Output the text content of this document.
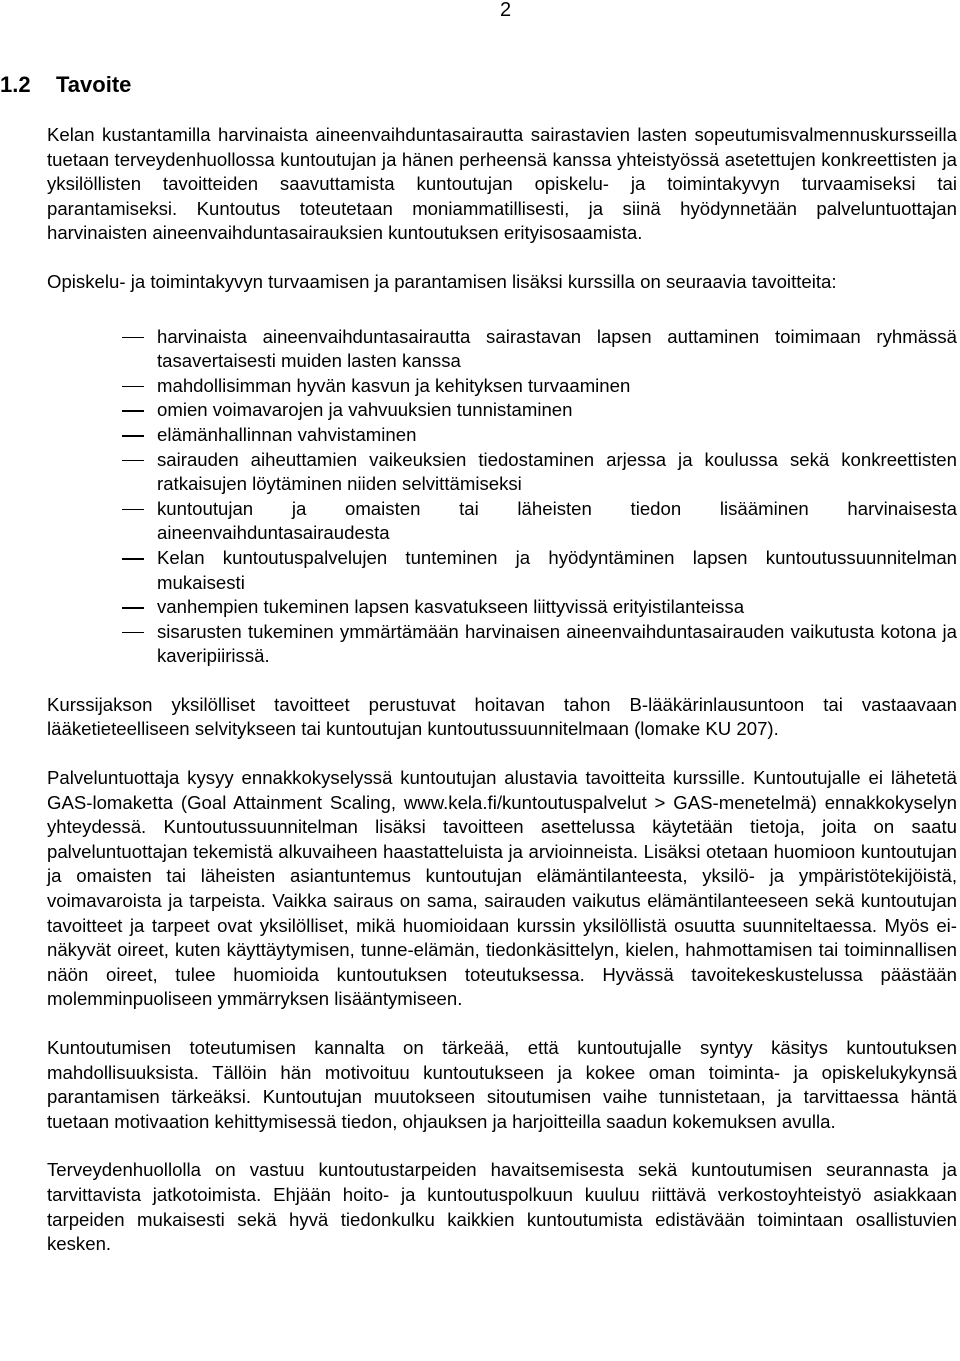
2
1.2 Tavoite

Kelan kustantamilla harvinaista aineenvaihduntasairautta sairastavien lasten sopeutumisvalmennuskursseilla tuetaan terveydenhuollossa kuntoutujan ja hänen perheensä kanssa yhteistyössä asetettujen konkreettisten ja yksilöllisten tavoitteiden saavuttamista kuntoutujan opiskelu- ja toimintakyvyn turvaamiseksi tai parantamiseksi. Kuntoutus toteutetaan moniammatillisesti, ja siinä hyödynnetään palveluntuottajan harvinaisten aineenvaihduntasairauksien kuntoutuksen erityisosaamista.

Opiskelu- ja toimintakyvyn turvaamisen ja parantamisen lisäksi kurssilla on seuraavia tavoitteita:

harvinaista aineenvaihduntasairautta sairastavan lapsen auttaminen toimimaan ryhmässä tasavertaisesti muiden lasten kanssa
mahdollisimman hyvän kasvun ja kehityksen turvaaminen
omien voimavarojen ja vahvuuksien tunnistaminen
elämänhallinnan vahvistaminen
sairauden aiheuttamien vaikeuksien tiedostaminen arjessa ja koulussa sekä konkreettisten ratkaisujen löytäminen niiden selvittämiseksi
kuntoutujan ja omaisten tai läheisten tiedon lisääminen harvinaisesta aineenvaihduntasairaudesta
Kelan kuntoutuspalvelujen tunteminen ja hyödyntäminen lapsen kuntoutussuunnitelman mukaisesti
vanhempien tukeminen lapsen kasvatukseen liittyvissä erityistilanteissa
sisarusten tukeminen ymmärtämään harvinaisen aineenvaihduntasairauden vaikutusta kotona ja kaveripiirissä.

Kurssijakson yksilölliset tavoitteet perustuvat hoitavan tahon B-lääkärinlausuntoon tai vastaavaan lääketieteelliseen selvitykseen tai kuntoutujan kuntoutussuunnitelmaan (lomake KU 207).

Palveluntuottaja kysyy ennakkokyselyssä kuntoutujan alustavia tavoitteita kurssille. Kuntoutujalle ei lähetetä GAS-lomaketta (Goal Attainment Scaling, www.kela.fi/kuntoutuspalvelut > GAS-menetelmä) ennakkokyselyn yhteydessä. Kuntoutussuunnitelman lisäksi tavoitteen asettelussa käytetään tietoja, joita on saatu palveluntuottajan tekemistä alkuvaiheen haastatteluista ja arvioinneista. Lisäksi otetaan huomioon kuntoutujan ja omaisten tai läheisten asiantuntemus kuntoutujan elämäntilanteesta, yksilö- ja ympäristötekijöistä, voimavaroista ja tarpeista. Vaikka sairaus on sama, sairauden vaikutus elämäntilanteeseen sekä kuntoutujan tavoitteet ja tarpeet ovat yksilölliset, mikä huomioidaan kurssin yksilöllistä osuutta suunniteltaessa. Myös ei-näkyvät oireet, kuten käyttäytymisen, tunne-elämän, tiedonkäsittelyn, kielen, hahmottamisen tai toiminnallisen näön oireet, tulee huomioida kuntoutuksen toteutuksessa. Hyvässä tavoitekeskustelussa päästään molemminpuoliseen ymmärryksen lisääntymiseen.

Kuntoutumisen toteutumisen kannalta on tärkeää, että kuntoutujalle syntyy käsitys kuntoutuksen mahdollisuuksista. Tällöin hän motivoituu kuntoutukseen ja kokee oman toiminta- ja opiskelukykynsä parantamisen tärkeäksi. Kuntoutujan muutokseen sitoutumisen vaihe tunnistetaan, ja tarvittaessa häntä tuetaan motivaation kehittymisessä tiedon, ohjauksen ja harjoitteilla saadun kokemuksen avulla.

Terveydenhuollolla on vastuu kuntoutustarpeiden havaitsemisesta sekä kuntoutumisen seurannasta ja tarvittavista jatkotoimista. Ehjään hoito- ja kuntoutuspolkuun kuuluu riittävä verkostoyhteistyö asiakkaan tarpeiden mukaisesti sekä hyvä tiedonkulku kaikkien kuntoutumista edistävään toimintaan osallistuvien kesken.
